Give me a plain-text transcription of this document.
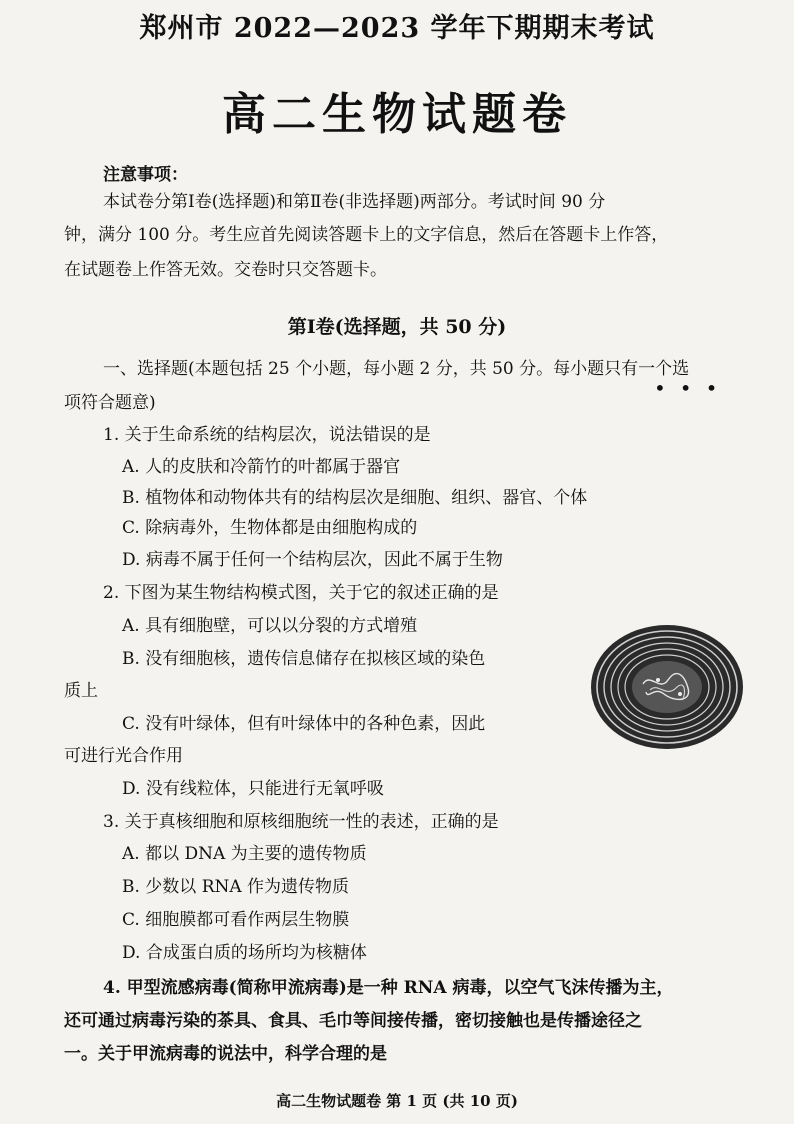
郑州市 2022—2023 学年下期期末考试
高二生物试题卷
注意事项：
本试卷分第Ⅰ卷(选择题)和第Ⅱ卷(非选择题)两部分。考试时间 90 分
钟，满分 100 分。考生应首先阅读答题卡上的文字信息，然后在答题卡上作答，
在试题卷上作答无效。交卷时只交答题卡。
第Ⅰ卷(选择题，共 50 分)
一、选择题(本题包括 25 个小题，每小题 2 分，共 50 分。每小题只有一个选
•••
项符合题意)
1. 关于生命系统的结构层次，说法错误的是
A. 人的皮肤和冷箭竹的叶都属于器官
B. 植物体和动物体共有的结构层次是细胞、组织、器官、个体
C. 除病毒外，生物体都是由细胞构成的
D. 病毒不属于任何一个结构层次，因此不属于生物
2. 下图为某生物结构模式图，关于它的叙述正确的是
A. 具有细胞壁，可以以分裂的方式增殖
B. 没有细胞核，遗传信息储存在拟核区域的染色
质上
C. 没有叶绿体，但有叶绿体中的各种色素，因此
可进行光合作用
D. 没有线粒体，只能进行无氧呼吸
3. 关于真核细胞和原核细胞统一性的表述，正确的是
A. 都以 DNA 为主要的遗传物质
B. 少数以 RNA 作为遗传物质
C. 细胞膜都可看作两层生物膜
D. 合成蛋白质的场所均为核糖体
4. 甲型流感病毒(简称甲流病毒)是一种 RNA 病毒，以空气飞沫传播为主，
还可通过病毒污染的茶具、食具、毛巾等间接传播，密切接触也是传播途径之
一。关于甲流病毒的说法中，科学合理的是
高二生物试题卷 第 1 页 (共 10 页)
